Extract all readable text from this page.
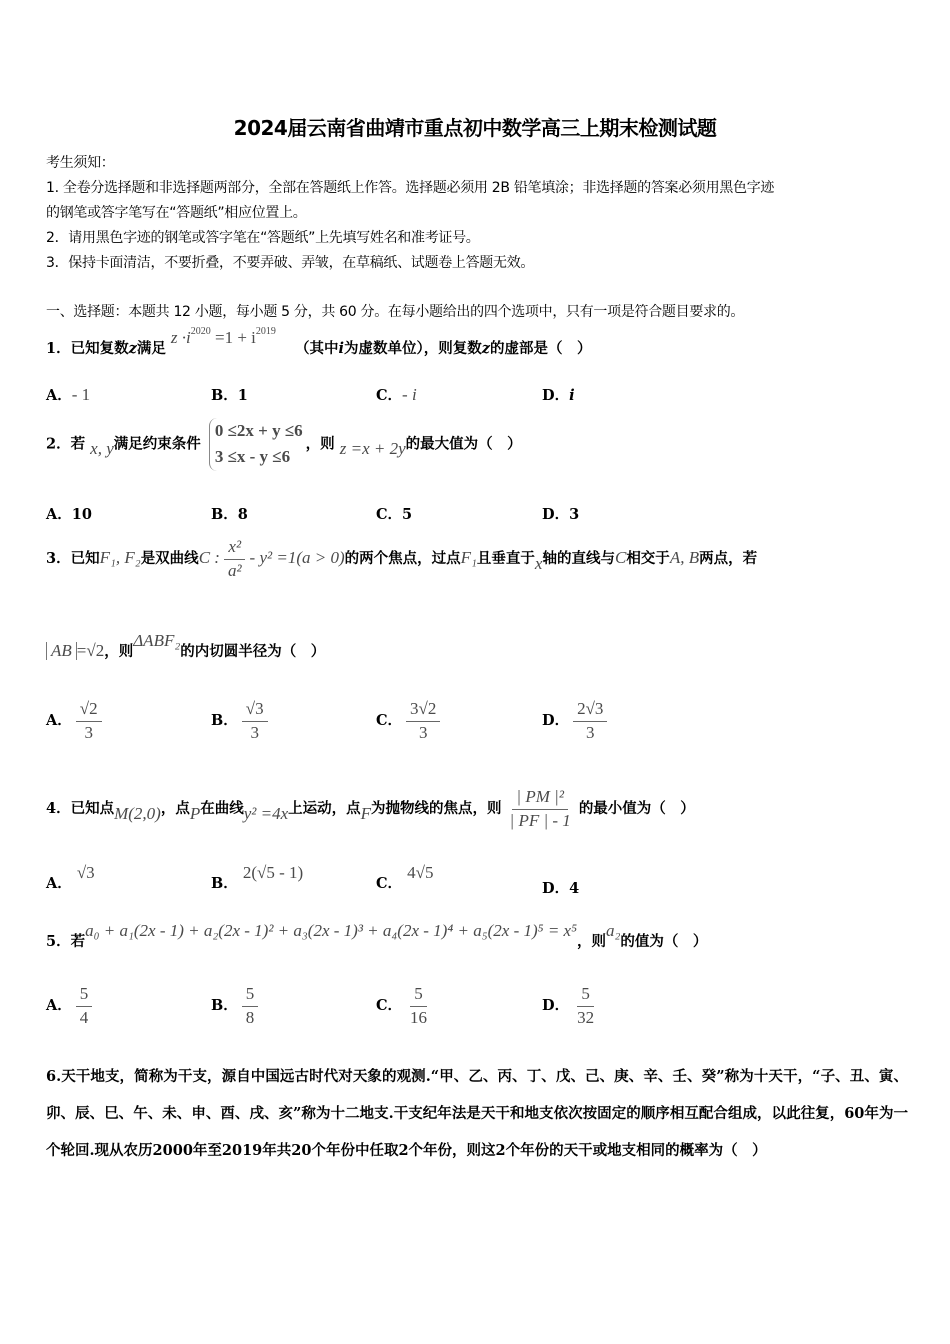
2024届云南省曲靖市重点初中数学高三上期末检测试题
考生须知：
1. 全卷分选择题和非选择题两部分，全部在答题纸上作答。选择题必须用 2B 铅笔填涂；非选择题的答案必须用黑色字迹
的钢笔或答字笔写在“答题纸”相应位置上。
2．请用黑色字迹的钢笔或答字笔在“答题纸”上先填写姓名和准考证号。
3．保持卡面清洁，不要折叠，不要弄破、弄皱，在草稿纸、试题卷上答题无效。
一、选择题：本题共 12 小题，每小题 5 分，共 60 分。在每小题给出的四个选项中，只有一项是符合题目要求的。
1．已知复数z满足 $z \cdot i^{2020} =1 + i^{2019}$ （其中i为虚数单位），则复数z的虚部是（　）
A．- 1	B．1	C．- i	D．i
2．若 x, y满足约束条件 0 ≤2x + y ≤6
3 ≤x - y ≤6，则 z =x + 2y的最大值为（　）
A．10	B．8	C．5	D．3
3．已知F₁, F₂是双曲线C : $\frac{\text{x²}}{\text{a²}} - y^2 =1(a > 0)$的两个焦点，过点F₁且垂直于x轴的直线与C相交于A, B两点，若
AB =√2，则ΔABF₂的内切圆半径为（　）
A． $\frac{√2}{3}$	B． $\frac{√3}{3}$	C． $\frac{3√2}{3}$	D． $\frac{2√3}{3}$
4．已知点M(2,0)，点P在曲线y² =4x上运动，点F为抛物线的焦点，则 $\frac{\text{| PM |²}}{| PF | - 1}$ 的最小值为（　）
A． √3
B． 2(√5 - 1)
C． 4√5
D．4
5．若a₀ + a₁(2x - 1) + a₂(2x - 1)² + a₃(2x - 1)³ + a₄(2x - 1)⁴ + a₅(2x - 1)⁵ = x⁵，则a₂的值为（　）
A． $\frac{5}{4}$	B． $\frac{5}{8}$	C． $\frac{5}{16}$	D． $\frac{5}{32}$
6.天干地支，简称为干支，源自中国远古时代对天象的观测.“甲、乙、丙、丁、戊、己、庚、辛、壬、癸”称为十天干，“子、丑、寅、卯、辰、巳、午、未、申、酉、戌、亥”称为十二地支.干支纪年法是天干和地支依次按固定的顺序相互配合组成，以此往复，60年为一个轮回.现从农历2000年至2019年共20个年份中任取2个年份，则这2个年份的天干或地支相同的概率为（　）
